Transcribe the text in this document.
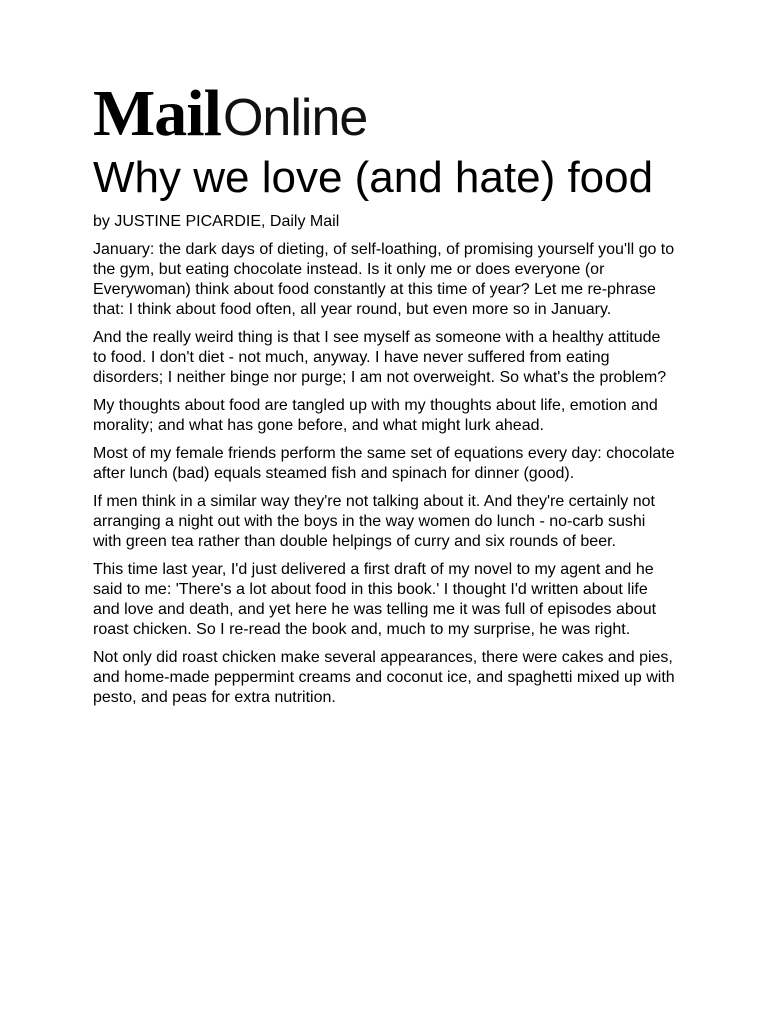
Mail Online
Why we love (and hate) food
by JUSTINE PICARDIE, Daily Mail

January: the dark days of dieting, of self-loathing, of promising yourself you'll go to the gym, but eating chocolate instead. Is it only me or does everyone (or Everywoman) think about food constantly at this time of year? Let me re-phrase that: I think about food often, all year round, but even more so in January.

And the really weird thing is that I see myself as someone with a healthy attitude to food. I don't diet - not much, anyway. I have never suffered from eating disorders; I neither binge nor purge; I am not overweight. So what's the problem?

My thoughts about food are tangled up with my thoughts about life, emotion and morality; and what has gone before, and what might lurk ahead.

Most of my female friends perform the same set of equations every day: chocolate after lunch (bad) equals steamed fish and spinach for dinner (good).

If men think in a similar way they're not talking about it. And they're certainly not arranging a night out with the boys in the way women do lunch - no-carb sushi with green tea rather than double helpings of curry and six rounds of beer.

This time last year, I'd just delivered a first draft of my novel to my agent and he said to me: 'There's a lot about food in this book.' I thought I'd written about life and love and death, and yet here he was telling me it was full of episodes about roast chicken. So I re-read the book and, much to my surprise, he was right.

Not only did roast chicken make several appearances, there were cakes and pies, and home-made peppermint creams and coconut ice, and spaghetti mixed up with pesto, and peas for extra nutrition.
